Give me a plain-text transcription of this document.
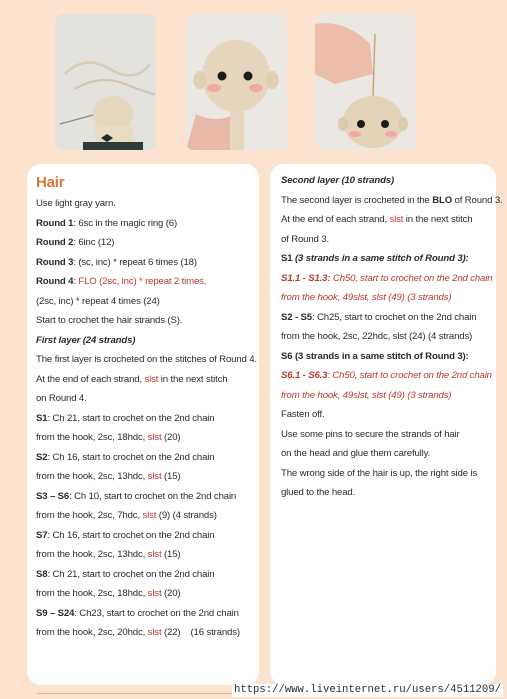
Hair
Use light gray yarn.
Round 1: 6sc in the magic ring (6)
Round 2: 6inc (12)
Round 3: (sc, inc) * repeat 6 times (18)
Round 4: FLO (2sc, inc) * repeat 2 times,
(2sc, inc) * repeat 4 times (24)
Start to crochet the hair strands (S).
First layer (24 strands)
The first layer is crocheted on the stitches of Round 4.
At the end of each strand, slst in the next stitch
on Round 4.
S1: Ch 21, start to crochet on the 2nd chain
from the hook, 2sc, 18hdc, slst (20)
S2: Ch 16, start to crochet on the 2nd chain
from the hook, 2sc, 13hdc, slst (15)
S3 – S6: Ch 10, start to crochet on the 2nd chain
from the hook, 2sc, 7hdc, slst (9) (4 strands)
S7: Ch 16, start to crochet on the 2nd chain
from the hook, 2sc, 13hdc, slst (15)
S8: Ch 21, start to crochet on the 2nd chain
from the hook, 2sc, 18hdc, slst (20)
S9 – S24: Ch23, start to crochet on the 2nd chain
from the hook, 2sc, 20hdc, slst (22)    (16 strands)
Second layer (10 strands)
The second layer is crocheted in the BLO of Round 3.
At the end of each strand, slst in the next stitch
of Round 3.
S1 (3 strands in a same stitch of Round 3):
S1.1 - S1.3: Ch50, start to crochet on the 2nd chain
from the hook, 49slst, slst (49) (3 strands)
S2 - S5: Ch25, start to crochet on the 2nd chain
from the hook, 2sc, 22hdc, slst (24) (4 strands)
S6 (3 strands in a same stitch of Round 3):
S6.1 - S6.3: Ch50, start to crochet on the 2nd chain
from the hook, 49slst, slst (49) (3 strands)
Fasten off.
Use some pins to secure the strands of hair
on the head and glue them carefully.
The wrong side of the hair is up, the right side is
glued to the head.
https://www.liveinternet.ru/users/4511209/
